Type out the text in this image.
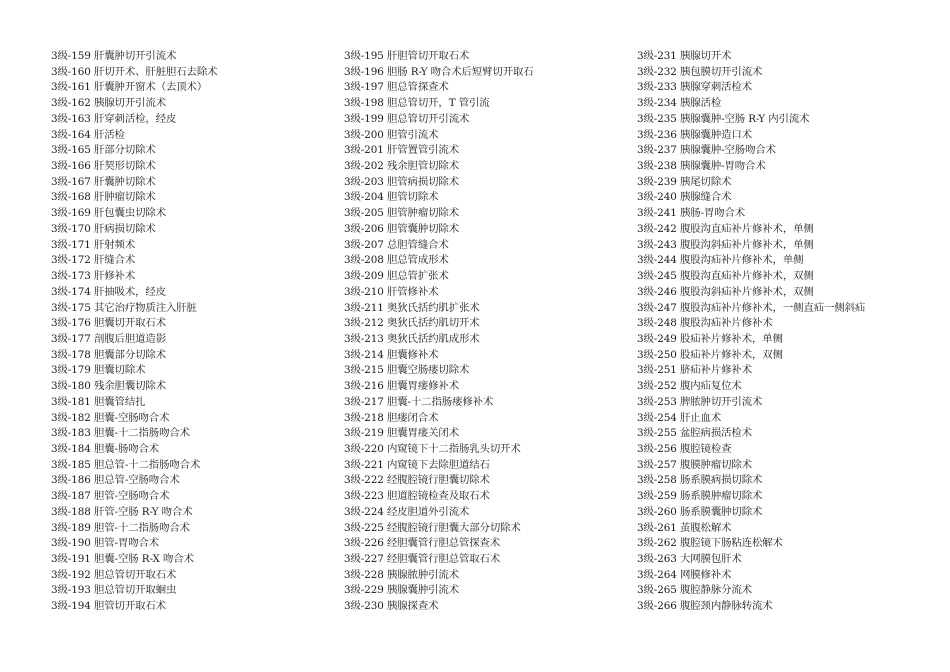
3级-159 肝囊肿切开引流术
3级-160 肝切开术、肝脏胆石去除术
3级-161 肝囊肿开窗术（去顶术）
3级-162 胰腺切开引流术
3级-163 肝穿刺活检，经皮
3级-164 肝活检
3级-165 肝部分切除术
3级-166 肝契形切除术
3级-167 肝囊肿切除术
3级-168 肝肿瘤切除术
3级-169 肝包囊虫切除术
3级-170 肝病损切除术
3级-171 肝射频术
3级-172 肝缝合术
3级-173 肝修补术
3级-174 肝抽吸术，经皮
3级-175 其它治疗物质注入肝脏
3级-176 胆囊切开取石术
3级-177 剖腹后胆道造影
3级-178 胆囊部分切除术
3级-179 胆囊切除术
3级-180 残余胆囊切除术
3级-181 胆囊管结扎
3级-182 胆囊-空肠吻合术
3级-183 胆囊-十二指肠吻合术
3级-184 胆囊-肠吻合术
3级-185 胆总管-十二指肠吻合术
3级-186 胆总管-空肠吻合术
3级-187 胆管-空肠吻合术
3级-188 肝管-空肠 R-Y 吻合术
3级-189 胆管-十二指肠吻合术
3级-190 胆管-胃吻合术
3级-191 胆囊-空肠 R-X 吻合术
3级-192 胆总管切开取石术
3级-193 胆总管切开取蛔虫
3级-194 胆管切开取石术
3级-195 肝胆管切开取石术
3级-196 胆肠 R-Y 吻合术后短臂切开取石
3级-197 胆总管探查术
3级-198 胆总管切开，T 管引流
3级-199 胆总管切开引流术
3级-200 胆管引流术
3级-201 肝管置管引流术
3级-202 残余胆管切除术
3级-203 胆管病损切除术
3级-204 胆管切除术
3级-205 胆管肿瘤切除术
3级-206 胆管囊肿切除术
3级-207 总胆管缝合术
3级-208 胆总管成形术
3级-209 胆总管扩张术
3级-210 肝管修补术
3级-211 奥狄氏括约肌扩张术
3级-212 奥狄氏括约肌切开术
3级-213 奥狄氏括约肌成形术
3级-214 胆囊修补术
3级-215 胆囊空肠瘘切除术
3级-216 胆囊胃瘘修补术
3级-217 胆囊-十二指肠瘘修补术
3级-218 胆瘘闭合术
3级-219 胆囊胃瘘关闭术
3级-220 内窥镜下十二指肠乳头切开术
3级-221 内窥镜下去除胆道结石
3级-222 经腹腔镜行胆囊切除术
3级-223 胆道腔镜检查及取石术
3级-224 经皮胆道外引流术
3级-225 经腹腔镜行胆囊大部分切除术
3级-226 经胆囊管行胆总管探查术
3级-227 经胆囊管行胆总管取石术
3级-228 胰腺脓肿引流术
3级-229 胰腺囊肿引流术
3级-230 胰腺探查术
3级-231 胰腺切开术
3级-232 胰包膜切开引流术
3级-233 胰腺穿刺活检术
3级-234 胰腺活检
3级-235 胰腺囊肿-空肠 R-Y 内引流术
3级-236 胰腺囊肿造口术
3级-237 胰腺囊肿-空肠吻合术
3级-238 胰腺囊肿-胃吻合术
3级-239 胰尾切除术
3级-240 胰腺缝合术
3级-241 胰肠-胃吻合术
3级-242 腹股沟直疝补片修补术，单侧
3级-243 腹股沟斜疝补片修补术，单侧
3级-244 腹股沟疝补片修补术，单侧
3级-245 腹股沟直疝补片修补术，双侧
3级-246 腹股沟斜疝补片修补术，双侧
3级-247 腹股沟疝补片修补术，一侧直疝一侧斜疝
3级-248 腹股沟疝补片修补术
3级-249 股疝补片修补术，单侧
3级-250 股疝补片修补术，双侧
3级-251 脐疝补片修补术
3级-252 腹内疝复位术
3级-253 脾脓肿切开引流术
3级-254 肝止血术
3级-255 盆腔病损活检术
3级-256 腹腔镜检查
3级-257 腹膜肿瘤切除术
3级-258 肠系膜病损切除术
3级-259 肠系膜肿瘤切除术
3级-260 肠系膜囊肿切除术
3级-261 茧腹松解术
3级-262 腹腔镜下肠粘连松解术
3级-263 大网膜包肝术
3级-264 网膜修补术
3级-265 腹腔静脉分流术
3级-266 腹腔颈内静脉转流术
